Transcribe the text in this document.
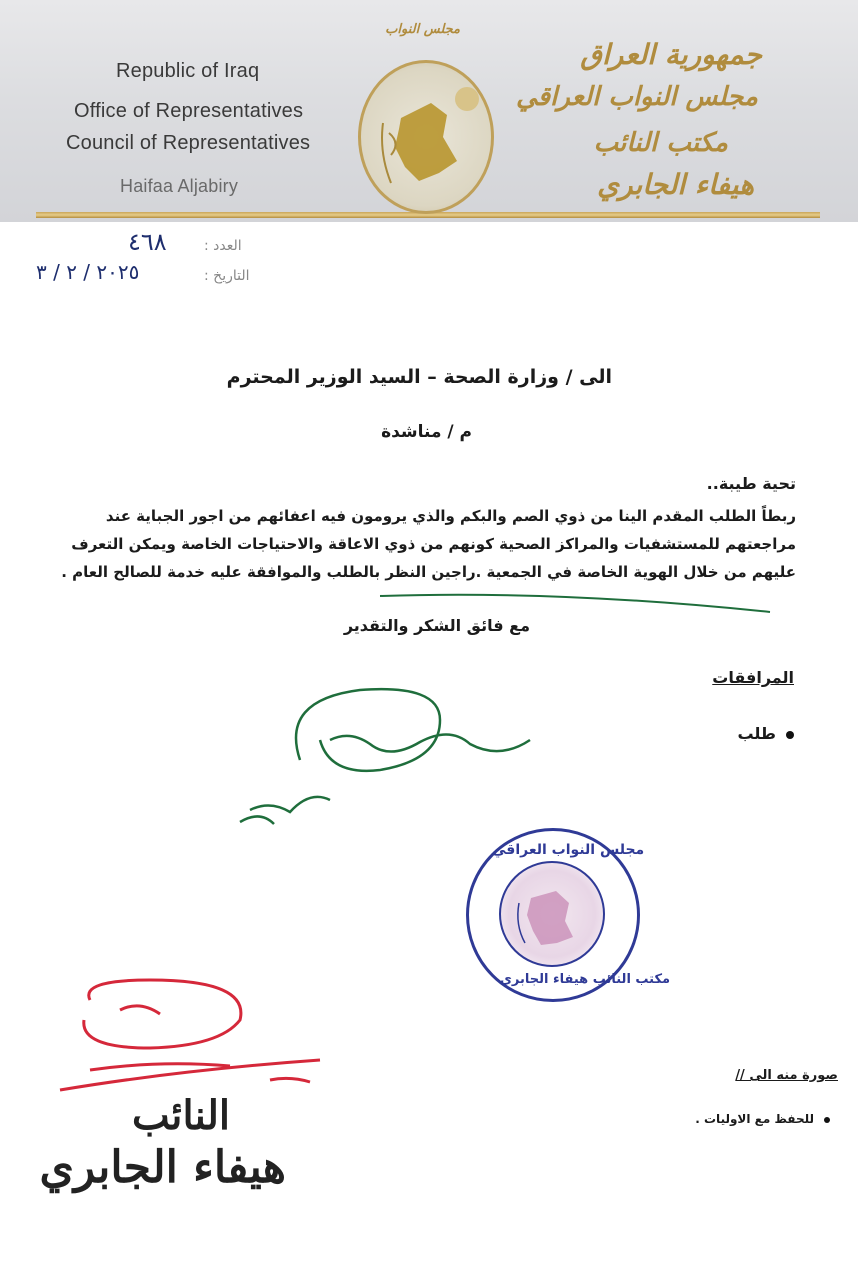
Republic of Iraq
Office of Representatives
Council of Representatives
Haifaa Aljabiry
مجلس النواب
جمهورية العراق
مجلس النواب العراقي
مكتب النائب
هيفاء الجابري
العدد :
٤٦٨
التاريخ :
٢٠٢٥ / ٢ / ٣
الى / وزارة الصحة – السيد الوزير المحترم
م / مناشدة
تحية طيبة..
ربطاً الطلب المقدم الينا من ذوي الصم والبكم والذي يرومون فيه اعفائهم من اجور الجباية عند
مراجعتهم للمستشفيات والمراكز الصحية كونهم من ذوي الاعاقة والاحتياجات الخاصة ويمكن التعرف
عليهم من خلال الهوية الخاصة في الجمعية .راجين النظر بالطلب والموافقة عليه خدمة للصالح العام .
مع فائق الشكر والتقدير
المرافقات
طلب
مجلس النواب العراقي
مكتب النائب هيفاء الجابري
صورة منه الى //
للحفظ مع الاوليات .
النائب
هيفاء الجابري
